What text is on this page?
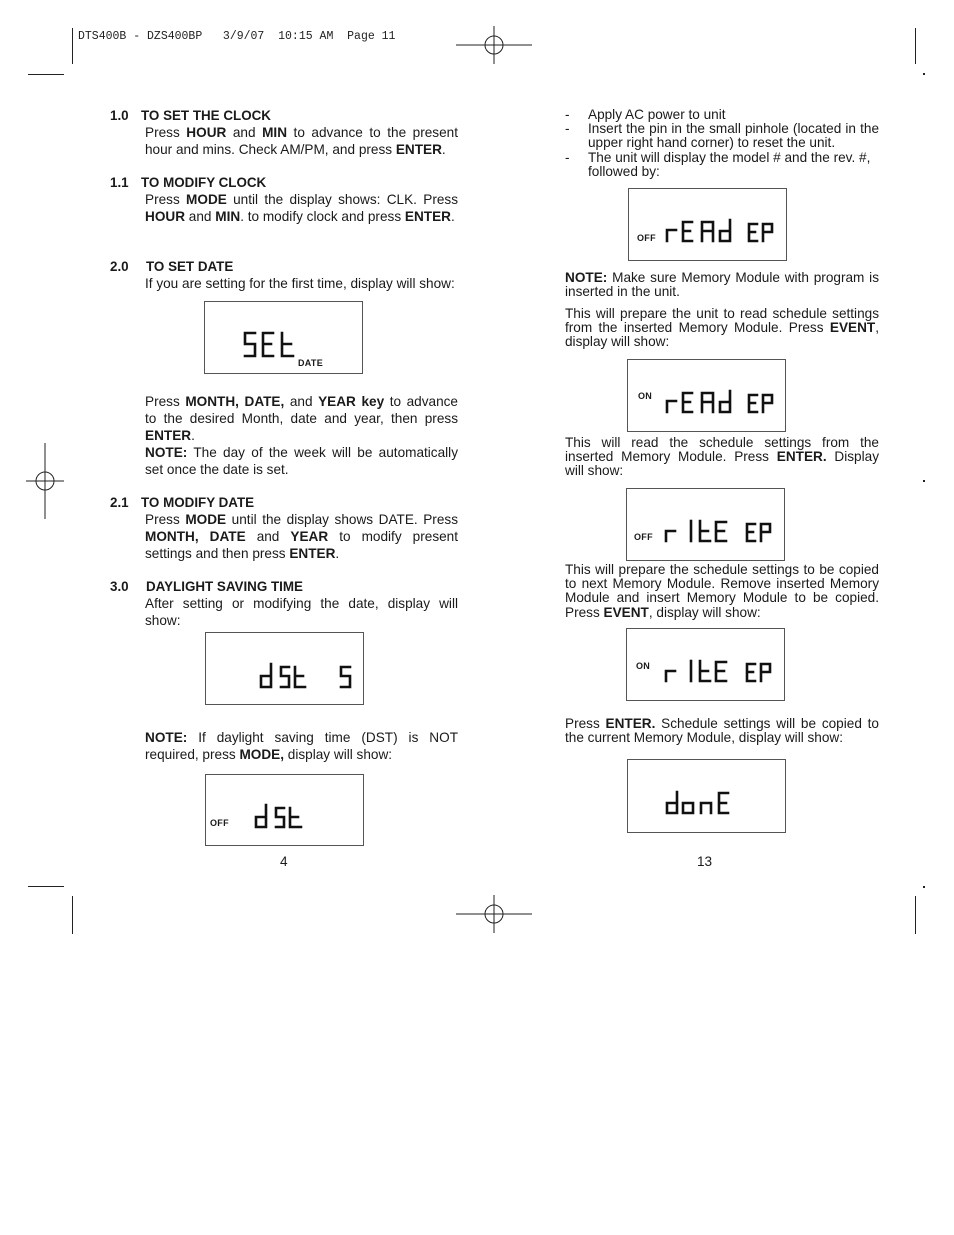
DTS400B - DZS400BP   3/9/07  10:15 AM  Page 11
1.0 TO SET THE CLOCK
Press HOUR and MIN to advance to the present hour and mins. Check AM/PM, and press ENTER.
1.1 TO MODIFY CLOCK
Press MODE until the display shows: CLK. Press HOUR and MIN. to modify clock and press ENTER.
2.0 TO SET DATE
If you are setting for the first time, display will show:
DATE
Press MONTH, DATE, and YEAR key to advance to the desired Month, date and year, then press ENTER.
NOTE: The day of the week will be automatically set once the date is set.
2.1 TO MODIFY DATE
Press MODE until the display shows DATE. Press MONTH, DATE and YEAR to modify present settings and then press ENTER.
3.0 DAYLIGHT SAVING TIME
After setting or modifying the date, display will show:
NOTE: If daylight saving time (DST) is NOT required, press MODE, display will show:
OFF
4
- Apply AC power to unit
- Insert the pin in the small pinhole (located in the upper right hand corner) to reset the unit.
- The unit will display the model # and the rev. #, followed by:
OFF
NOTE: Make sure Memory Module with program is inserted in the unit.
This will prepare the unit to read schedule settings from the inserted Memory Module. Press EVENT, display will show:
ON
This will read the schedule settings from the inserted Memory Module. Press ENTER. Display will show:
OFF
This will prepare the schedule settings to be copied to next Memory Module. Remove inserted Memory Module and insert Memory Module to be copied. Press EVENT, display will show:
ON
Press ENTER. Schedule settings will be copied to the current Memory Module, display will show:
13
